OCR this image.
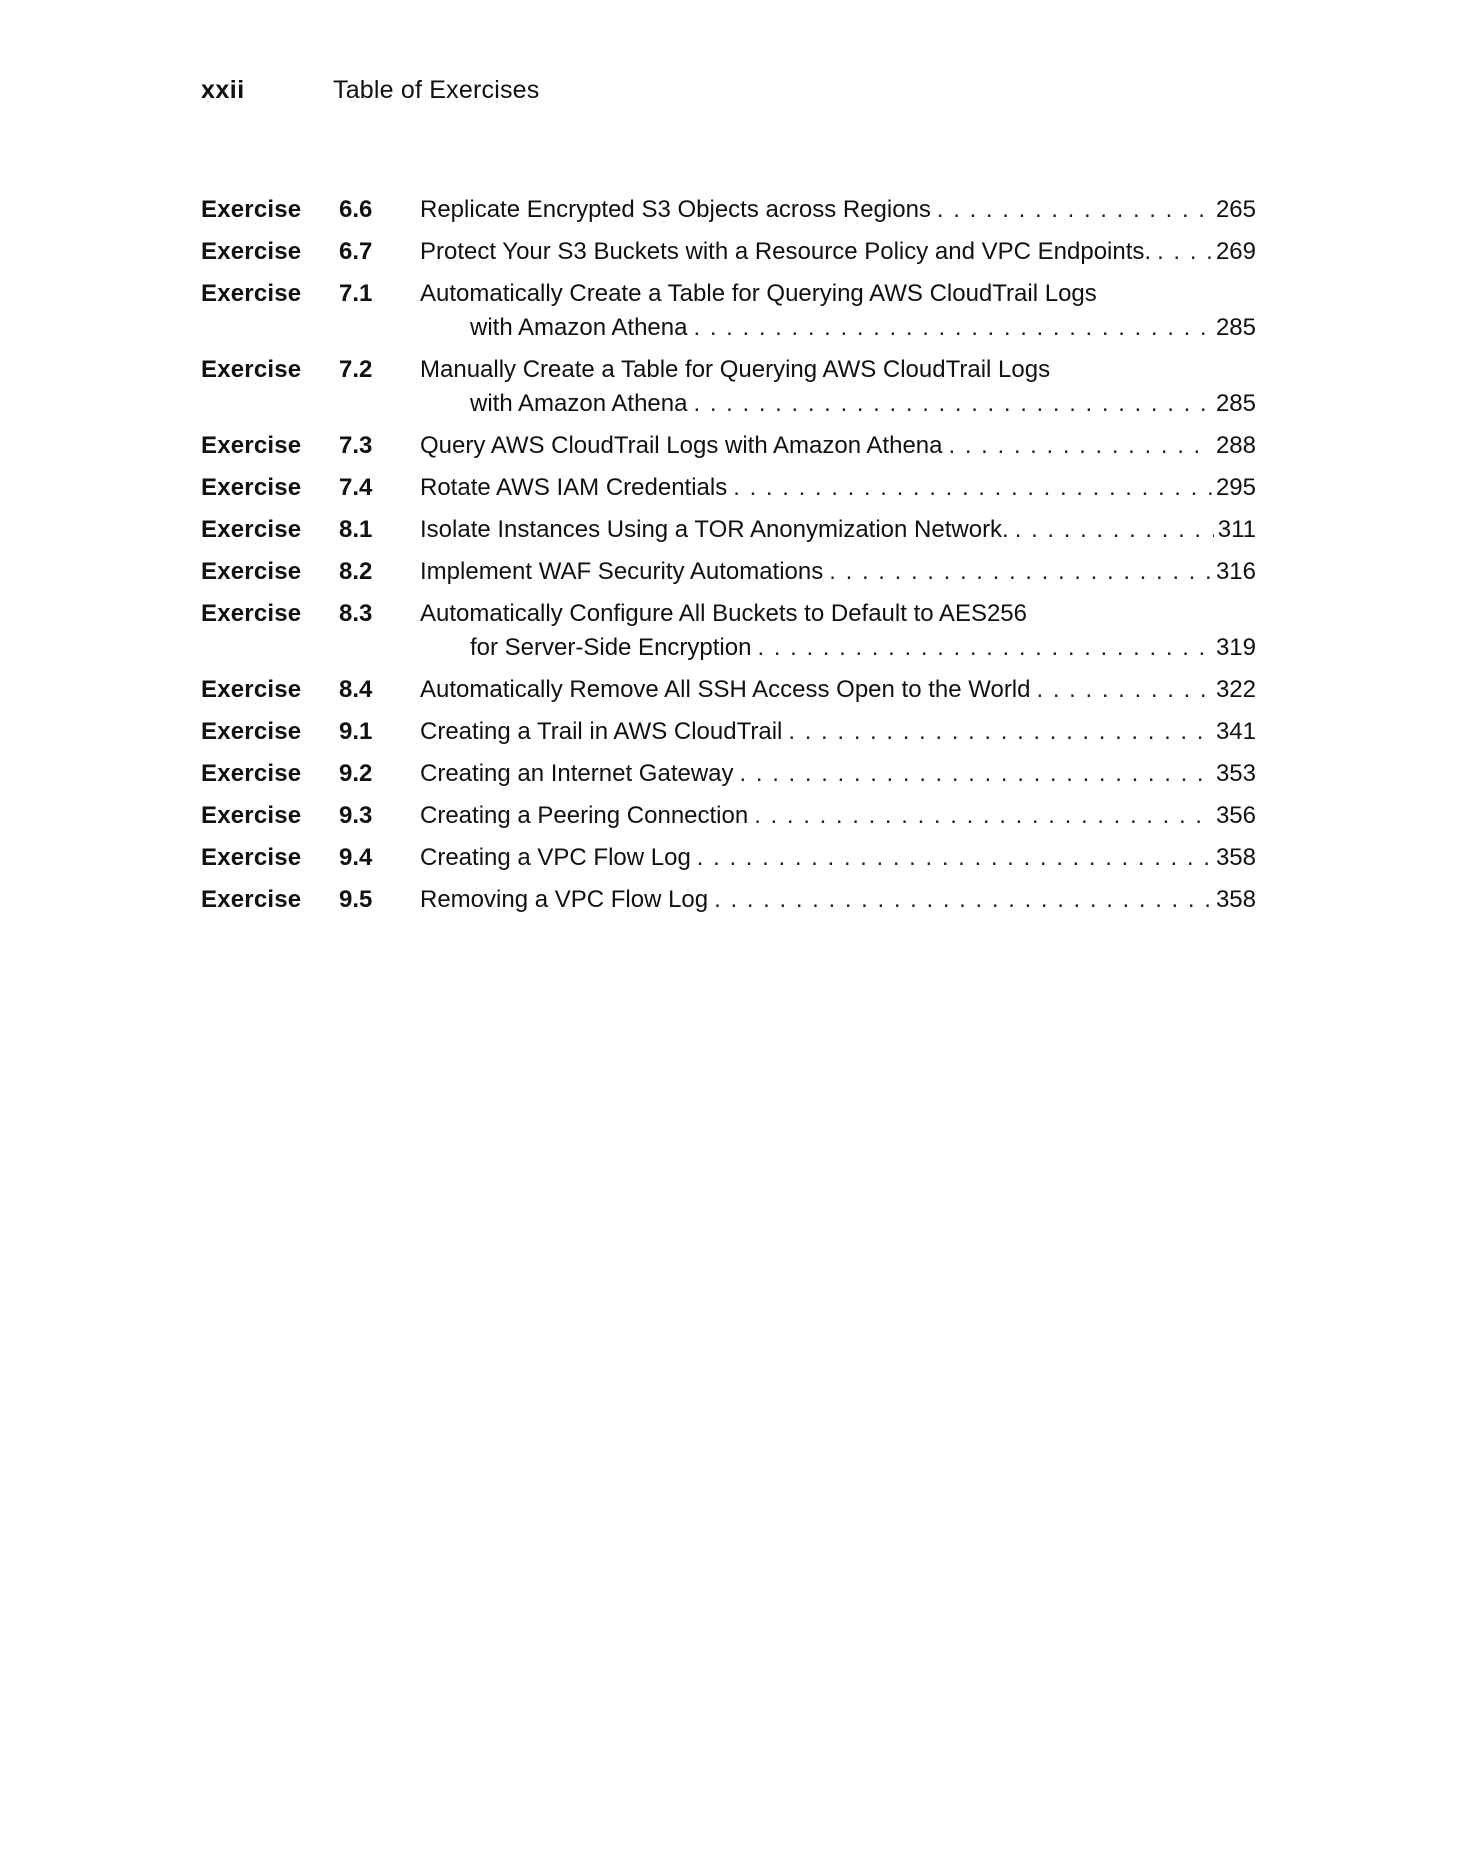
xxii	Table of Exercises
Exercise	6.6 Replicate Encrypted S3 Objects across Regions . . .	265
Exercise	6.7 Protect Your S3 Buckets with a Resource Policy and VPC Endpoints. . . .	269
Exercise	7.1 Automatically Create a Table for Querying AWS CloudTrail Logs
with Amazon Athena . . .	285
Exercise	7.2 Manually Create a Table for Querying AWS CloudTrail Logs
with Amazon Athena . . .	285
Exercise	7.3 Query AWS CloudTrail Logs with Amazon Athena . . .	288
Exercise	7.4 Rotate AWS IAM Credentials . . .	295
Exercise	8.1 Isolate Instances Using a TOR Anonymization Network. . . .	311
Exercise	8.2 Implement WAF Security Automations . . .	316
Exercise	8.3 Automatically Configure All Buckets to Default to AES256
for Server-Side Encryption . . .	319
Exercise	8.4 Automatically Remove All SSH Access Open to the World . . .	322
Exercise	9.1 Creating a Trail in AWS CloudTrail . . .	341
Exercise	9.2 Creating an Internet Gateway . . .	353
Exercise	9.3 Creating a Peering Connection . . .	356
Exercise	9.4 Creating a VPC Flow Log . . .	358
Exercise	9.5 Removing a VPC Flow Log . . .	358
